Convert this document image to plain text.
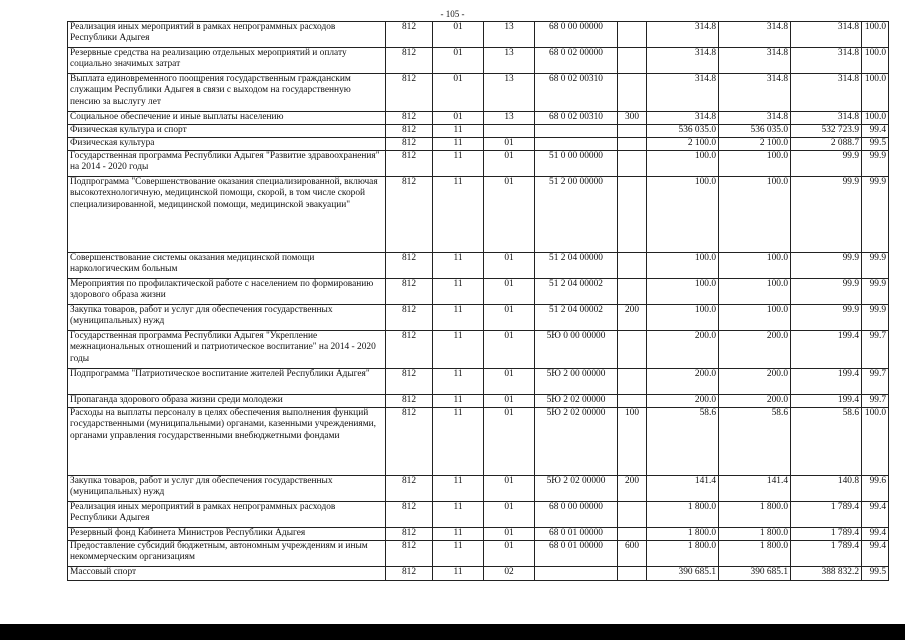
- 105 -
Реализация иных мероприятий в рамках непрограммных расходов Республики Адыгея	812	01	13	68 0 00 00000		314.8	314.8	314.8	100.0
Резервные средства на реализацию отдельных мероприятий и оплату социально значимых затрат	812	01	13	68 0 02 00000		314.8	314.8	314.8	100.0
Выплата единовременного поощрения государственным гражданским служащим Республики Адыгея в связи с выходом на государственную пенсию за выслугу лет	812	01	13	68 0 02 00310		314.8	314.8	314.8	100.0
Социальное обеспечение и иные выплаты населению	812	01	13	68 0 02 00310	300	314.8	314.8	314.8	100.0
Физическая культура и спорт	812	11				536 035.0	536 035.0	532 723.9	99.4
Физическая культура	812	11	01			2 100.0	2 100.0	2 088.7	99.5
Государственная программа Республики Адыгея "Развитие здравоохранения" на 2014 - 2020 годы	812	11	01	51 0 00 00000		100.0	100.0	99.9	99.9
Подпрограмма "Совершенствование оказания специализированной, включая высокотехнологичную, медицинской помощи, скорой, в том числе скорой специализированной, медицинской помощи, медицинской эвакуации"	812	11	01	51 2 00 00000		100.0	100.0	99.9	99.9
Совершенствование системы оказания медицинской помощи наркологическим больным	812	11	01	51 2 04 00000		100.0	100.0	99.9	99.9
Мероприятия по профилактической работе с населением по формированию здорового образа жизни	812	11	01	51 2 04 00002		100.0	100.0	99.9	99.9
Закупка товаров, работ и услуг для обеспечения государственных (муниципальных) нужд	812	11	01	51 2 04 00002	200	100.0	100.0	99.9	99.9
Государственная программа Республики Адыгея "Укрепление межнациональных отношений и патриотическое воспитание" на 2014 - 2020 годы	812	11	01	5Ю 0 00 00000		200.0	200.0	199.4	99.7
Подпрограмма "Патриотическое воспитание жителей Республики Адыгея"	812	11	01	5Ю 2 00 00000		200.0	200.0	199.4	99.7
Пропаганда здорового образа жизни среди молодежи	812	11	01	5Ю 2 02 00000		200.0	200.0	199.4	99.7
Расходы на выплаты персоналу в целях обеспечения выполнения функций государственными (муниципальными) органами, казенными учреждениями, органами управления государственными внебюджетными фондами	812	11	01	5Ю 2 02 00000	100	58.6	58.6	58.6	100.0
Закупка товаров, работ и услуг для обеспечения государственных (муниципальных) нужд	812	11	01	5Ю 2 02 00000	200	141.4	141.4	140.8	99.6
Реализация иных мероприятий в рамках непрограммных расходов Республики Адыгея	812	11	01	68 0 00 00000		1 800.0	1 800.0	1 789.4	99.4
Резервный фонд Кабинета Министров Республики Адыгея	812	11	01	68 0 01 00000		1 800.0	1 800.0	1 789.4	99.4
Предоставление субсидий бюджетным, автономным учреждениям и иным некоммерческим организациям	812	11	01	68 0 01 00000	600	1 800.0	1 800.0	1 789.4	99.4
Массовый спорт	812	11	02			390 685.1	390 685.1	388 832.2	99.5
